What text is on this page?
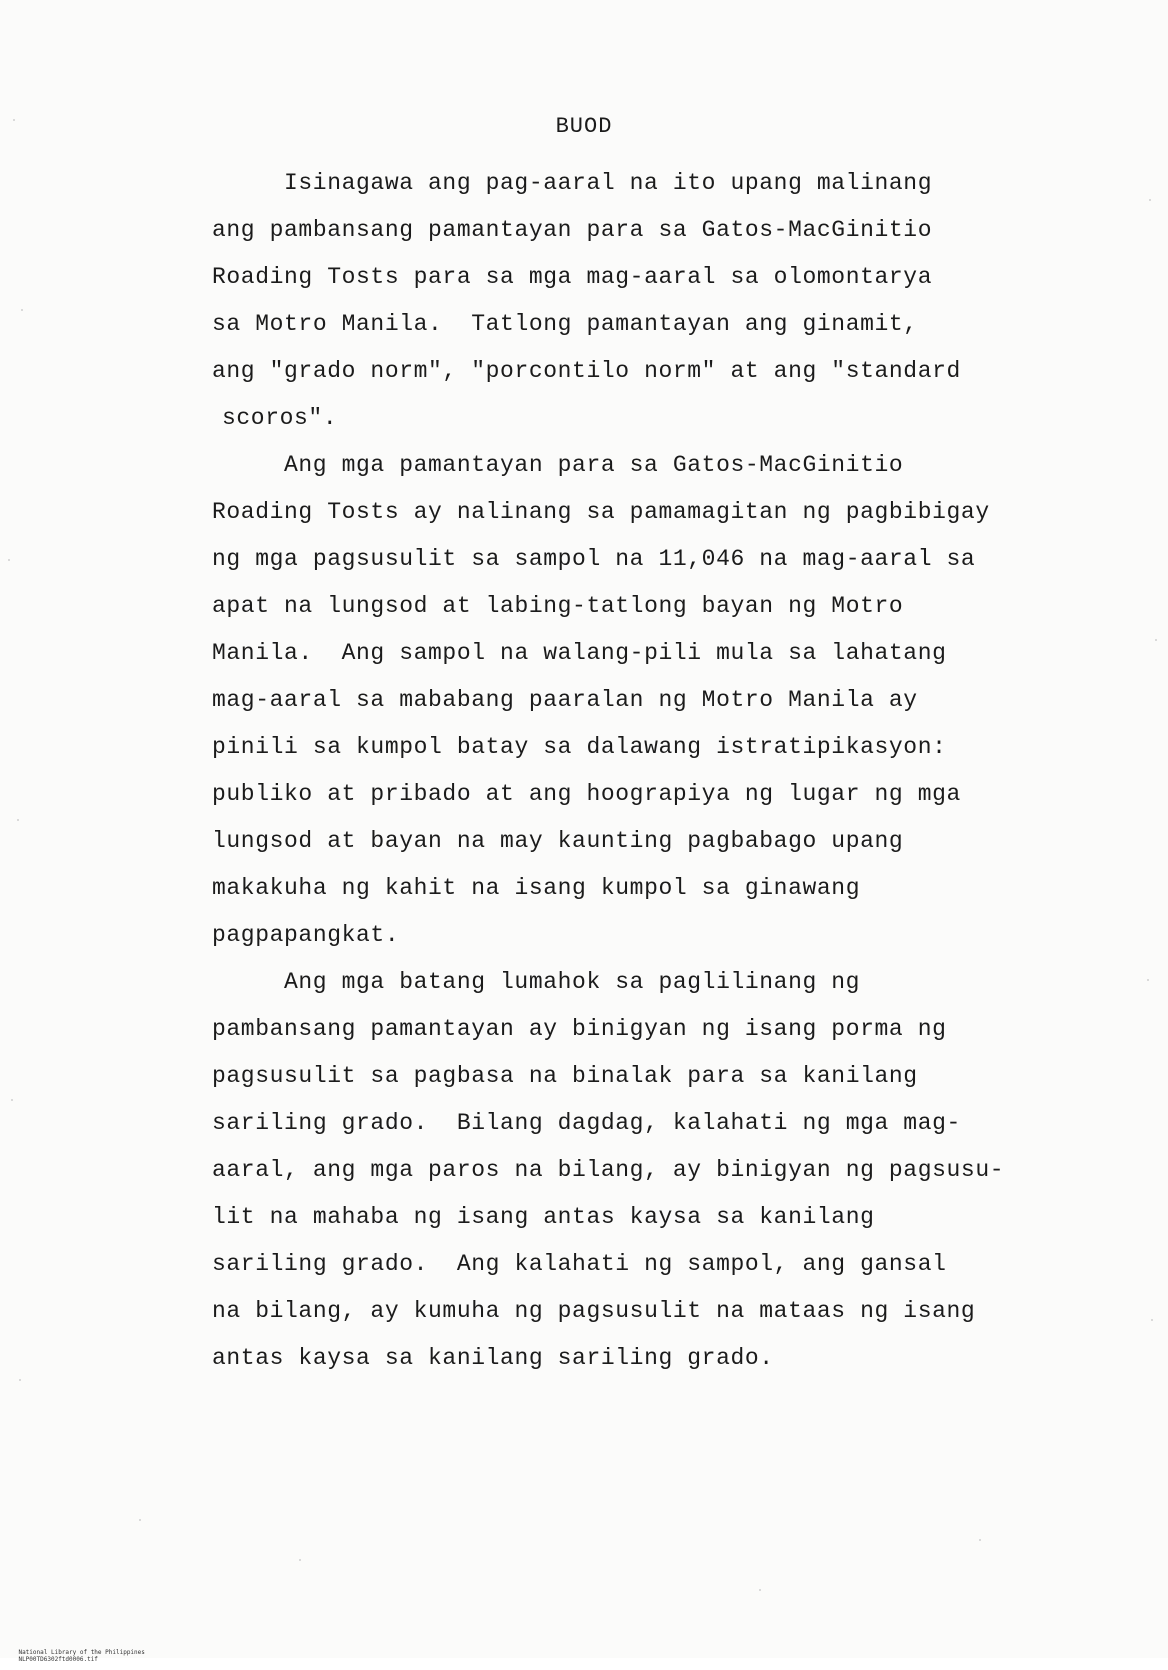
BUOD
Isinagawa ang pag-aaral na ito upang malinang
ang pambansang pamantayan para sa Gatos-MacGinitio
Roading Tosts para sa mga mag-aaral sa olomontarya
sa Motro Manila.  Tatlong pamantayan ang ginamit,
ang "grado norm", "porcontilo norm" at ang "standard
scoros".
Ang mga pamantayan para sa Gatos-MacGinitio
Roading Tosts ay nalinang sa pamamagitan ng pagbibigay
ng mga pagsusulit sa sampol na 11,046 na mag-aaral sa
apat na lungsod at labing-tatlong bayan ng Motro
Manila.  Ang sampol na walang-pili mula sa lahatang
mag-aaral sa mababang paaralan ng Motro Manila ay
pinili sa kumpol batay sa dalawang istratipikasyon:
publiko at pribado at ang hoograpiya ng lugar ng mga
lungsod at bayan na may kaunting pagbabago upang
makakuha ng kahit na isang kumpol sa ginawang
pagpapangkat.
Ang mga batang lumahok sa paglilinang ng
pambansang pamantayan ay binigyan ng isang porma ng
pagsusulit sa pagbasa na binalak para sa kanilang
sariling grado.  Bilang dagdag, kalahati ng mga mag-
aaral, ang mga paros na bilang, ay binigyan ng pagsusu-
lit na mahaba ng isang antas kaysa sa kanilang
sariling grado.  Ang kalahati ng sampol, ang gansal
na bilang, ay kumuha ng pagsusulit na mataas ng isang
antas kaysa sa kanilang sariling grado.

National Library of the Philippines
NLP00TD6302ftd0006.tif
